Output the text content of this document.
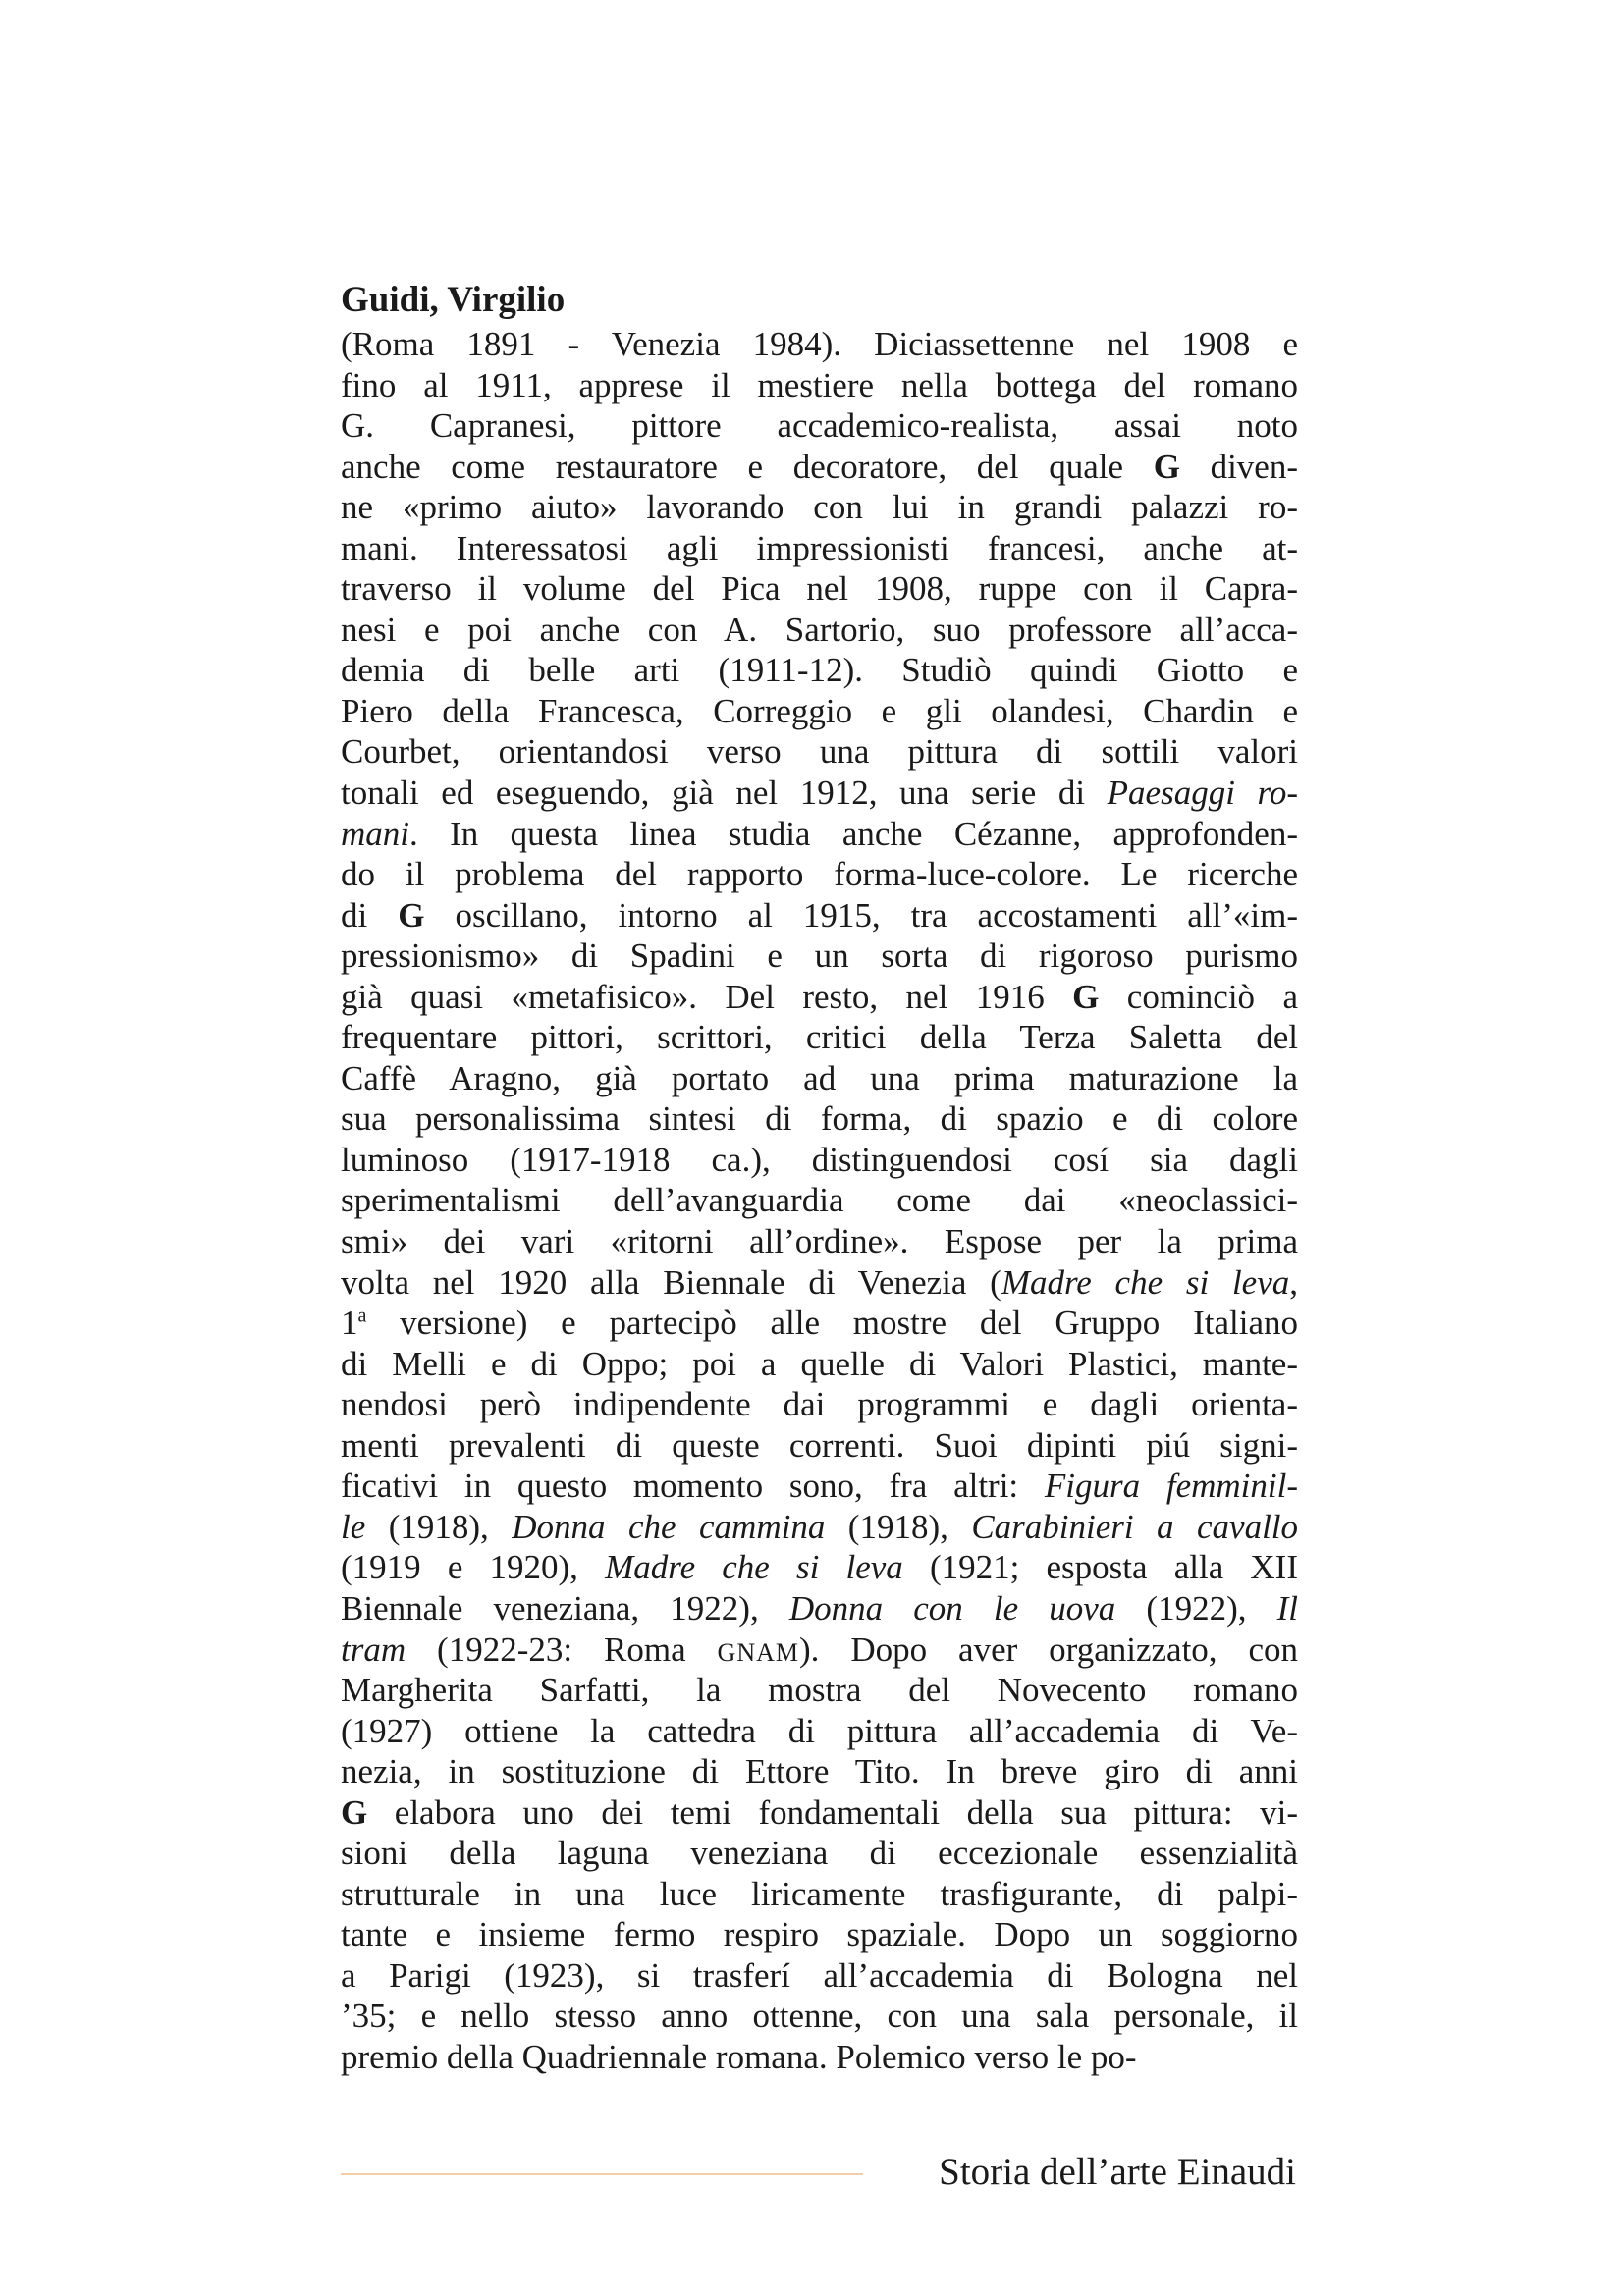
Guidi, Virgilio
(Roma 1891 - Venezia 1984). Diciassettenne nel 1908 e
fino al 1911, apprese il mestiere nella bottega del romano
G. Capranesi, pittore accademico-realista, assai noto
anche come restauratore e decoratore, del quale G diven-
ne «primo aiuto» lavorando con lui in grandi palazzi ro-
mani. Interessatosi agli impressionisti francesi, anche at-
traverso il volume del Pica nel 1908, ruppe con il Capra-
nesi e poi anche con A. Sartorio, suo professore all’acca-
demia di belle arti (1911-12). Studiò quindi Giotto e
Piero della Francesca, Correggio e gli olandesi, Chardin e
Courbet, orientandosi verso una pittura di sottili valori
tonali ed eseguendo, già nel 1912, una serie di Paesaggi ro-
mani. In questa linea studia anche Cézanne, approfonden-
do il problema del rapporto forma-luce-colore. Le ricerche
di G oscillano, intorno al 1915, tra accostamenti all’«im-
pressionismo» di Spadini e un sorta di rigoroso purismo
già quasi «metafisico». Del resto, nel 1916 G cominciò a
frequentare pittori, scrittori, critici della Terza Saletta del
Caffè Aragno, già portato ad una prima maturazione la
sua personalissima sintesi di forma, di spazio e di colore
luminoso (1917-1918 ca.), distinguendosi cosí sia dagli
sperimentalismi dell’avanguardia come dai «neoclassici-
smi» dei vari «ritorni all’ordine». Espose per la prima
volta nel 1920 alla Biennale di Venezia (Madre che si leva,
1$^a$ versione) e partecipò alle mostre del Gruppo Italiano
di Melli e di Oppo; poi a quelle di Valori Plastici, mante-
nendosi però indipendente dai programmi e dagli orienta-
menti prevalenti di queste correnti. Suoi dipinti piú signi-
ficativi in questo momento sono, fra altri: Figura femminil-
le (1918), Donna che cammina (1918), Carabinieri a cavallo
(1919 e 1920), Madre che si leva (1921; esposta alla XII
Biennale veneziana, 1922), Donna con le uova (1922), Il
tram (1922-23: Roma GNAM). Dopo aver organizzato, con
Margherita Sarfatti, la mostra del Novecento romano
(1927) ottiene la cattedra di pittura all’accademia di Ve-
nezia, in sostituzione di Ettore Tito. In breve giro di anni
G elabora uno dei temi fondamentali della sua pittura: vi-
sioni della laguna veneziana di eccezionale essenzialità
strutturale in una luce liricamente trasfigurante, di palpi-
tante e insieme fermo respiro spaziale. Dopo un soggiorno
a Parigi (1923), si trasferí all’accademia di Bologna nel
’35; e nello stesso anno ottenne, con una sala personale, il
premio della Quadriennale romana. Polemico verso le po-
Storia dell’arte Einaudi
